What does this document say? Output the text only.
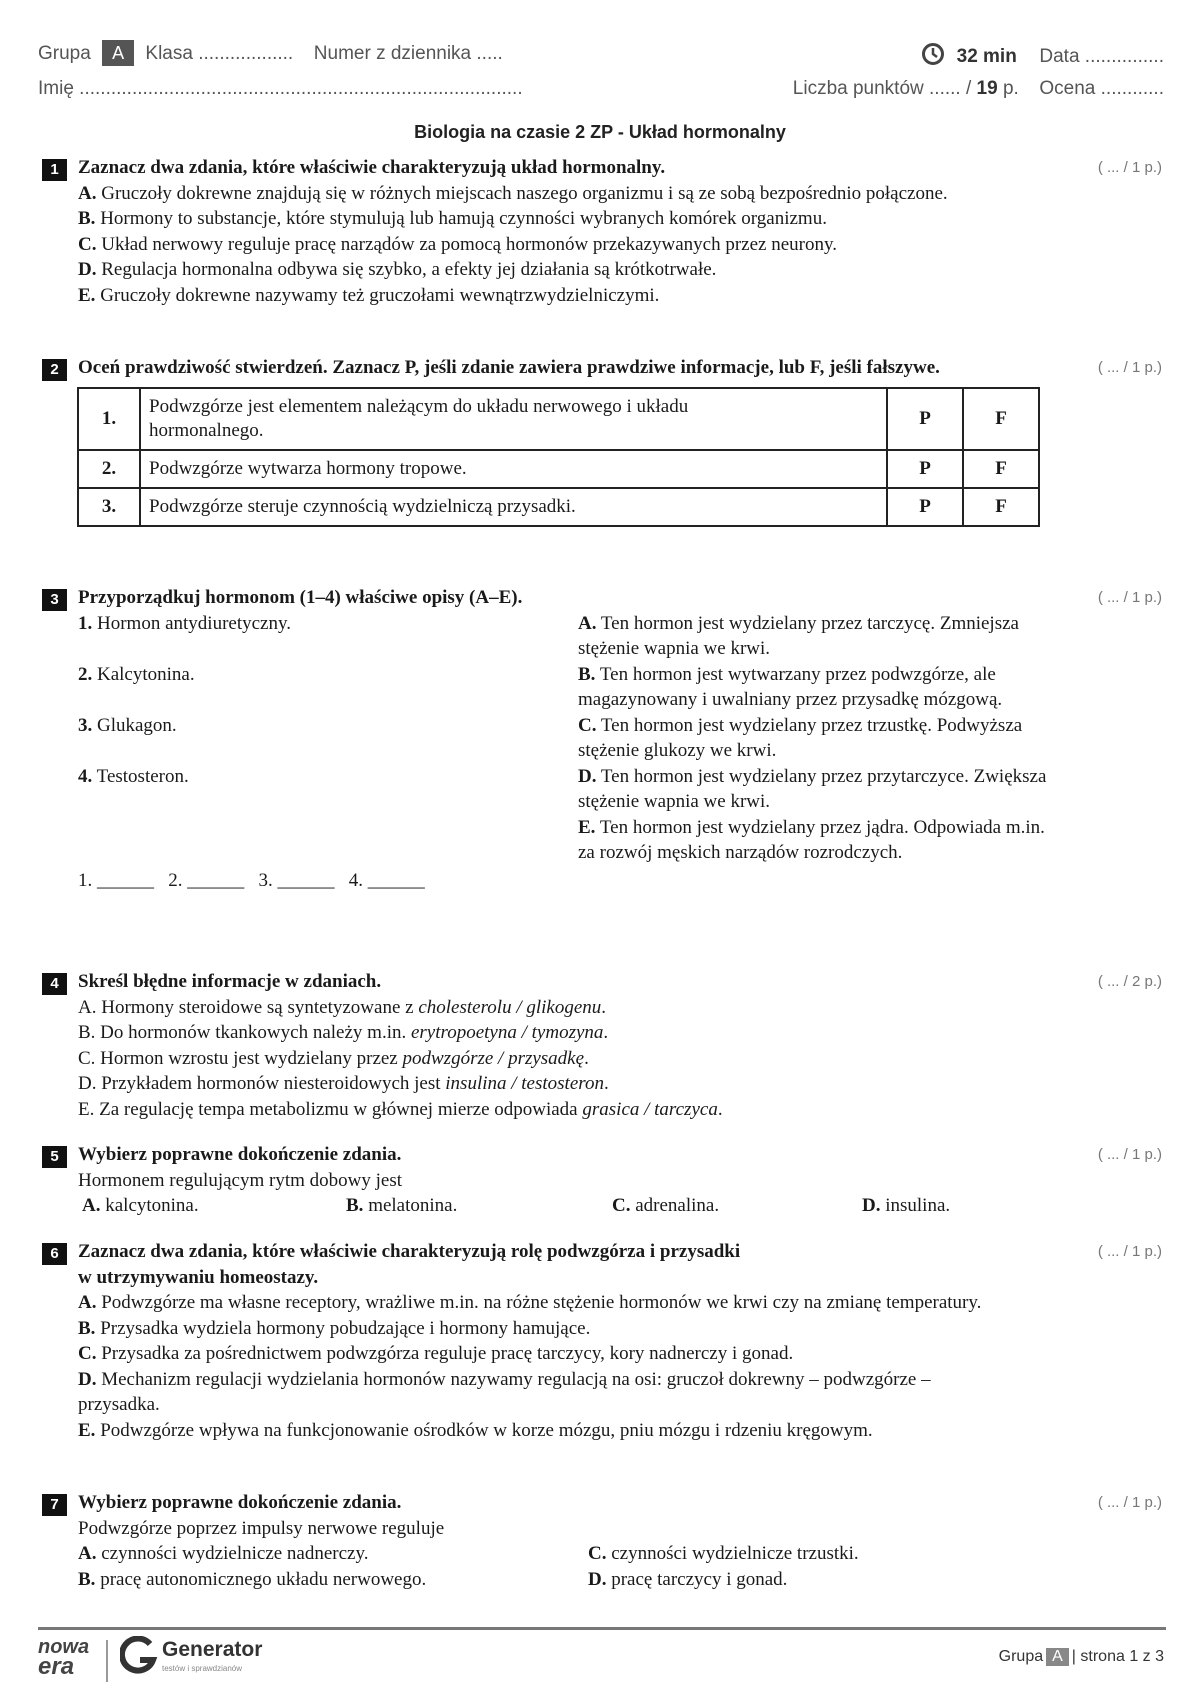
Grupa A Klasa .................. Numer z dziennika .....	32 min Data ...............
Imię ....................................................................................	Liczba punktów ...... / 19 p. Ocena ............
Biologia na czasie 2 ZP - Układ hormonalny
1	( ... / 1 p.)
Zaznacz dwa zdania, które właściwie charakteryzują układ hormonalny.
A. Gruczoły dokrewne znajdują się w różnych miejscach naszego organizmu i są ze sobą bezpośrednio połączone.
B. Hormony to substancje, które stymulują lub hamują czynności wybranych komórek organizmu.
C. Układ nerwowy reguluje pracę narządów za pomocą hormonów przekazywanych przez neurony.
D. Regulacja hormonalna odbywa się szybko, a efekty jej działania są krótkotrwałe.
E. Gruczoły dokrewne nazywamy też gruczołami wewnątrzwydzielniczymi.
2	( ... / 1 p.)
Oceń prawdziwość stwierdzeń. Zaznacz P, jeśli zdanie zawiera prawdziwe informacje, lub F, jeśli fałszywe.
1.	Podwzgórze jest elementem należącym do układu nerwowego i układu hormonalnego.	P	F
2.	Podwzgórze wytwarza hormony tropowe.	P	F
3.	Podwzgórze steruje czynnością wydzielniczą przysadki.	P	F
3	( ... / 1 p.)
Przyporządkuj hormonom (1–4) właściwe opisy (A–E).
1. Hormon antydiuretyczny.	A. Ten hormon jest wydzielany przez tarczycę. Zmniejsza stężenie wapnia we krwi.
2. Kalcytonina.	B. Ten hormon jest wytwarzany przez podwzgórze, ale magazynowany i uwalniany przez przysadkę mózgową.
3. Glukagon.	C. Ten hormon jest wydzielany przez trzustkę. Podwyższa stężenie glukozy we krwi.
4. Testosteron.	D. Ten hormon jest wydzielany przez przytarczyce. Zwiększa stężenie wapnia we krwi.
E. Ten hormon jest wydzielany przez jądra. Odpowiada m.in. za rozwój męskich narządów rozrodczych.
1. ______   2. ______   3. ______   4. ______
4	( ... / 2 p.)
Skreśl błędne informacje w zdaniach.
A. Hormony steroidowe są syntetyzowane z cholesterolu / glikogenu.
B. Do hormonów tkankowych należy m.in. erytropoetyna / tymozyna.
C. Hormon wzrostu jest wydzielany przez podwzgórze / przysadkę.
D. Przykładem hormonów niesteroidowych jest insulina / testosteron.
E. Za regulację tempa metabolizmu w głównej mierze odpowiada grasica / tarczyca.
5	( ... / 1 p.)
Wybierz poprawne dokończenie zdania.
Hormonem regulującym rytm dobowy jest
A. kalcytonina.	B. melatonina.	C. adrenalina.	D. insulina.
6	( ... / 1 p.)
Zaznacz dwa zdania, które właściwie charakteryzują rolę podwzgórza i przysadki
w utrzymywaniu homeostazy.
A. Podwzgórze ma własne receptory, wrażliwe m.in. na różne stężenie hormonów we krwi czy na zmianę temperatury.
B. Przysadka wydziela hormony pobudzające i hormony hamujące.
C. Przysadka za pośrednictwem podwzgórza reguluje pracę tarczycy, kory nadnerczy i gonad.
D. Mechanizm regulacji wydzielania hormonów nazywamy regulacją na osi: gruczoł dokrewny – podwzgórze – przysadka.
E. Podwzgórze wpływa na funkcjonowanie ośrodków w korze mózgu, pniu mózgu i rdzeniu kręgowym.
7	( ... / 1 p.)
Wybierz poprawne dokończenie zdania.
Podwzgórze poprzez impulsy nerwowe reguluje
A. czynności wydzielnicze nadnerczy.	C. czynności wydzielnicze trzustki.
B. pracę autonomicznego układu nerwowego.	D. pracę tarczycy i gonad.
nowa
era
Generator
testów i sprawdzianów
Grupa A | strona 1 z 3
